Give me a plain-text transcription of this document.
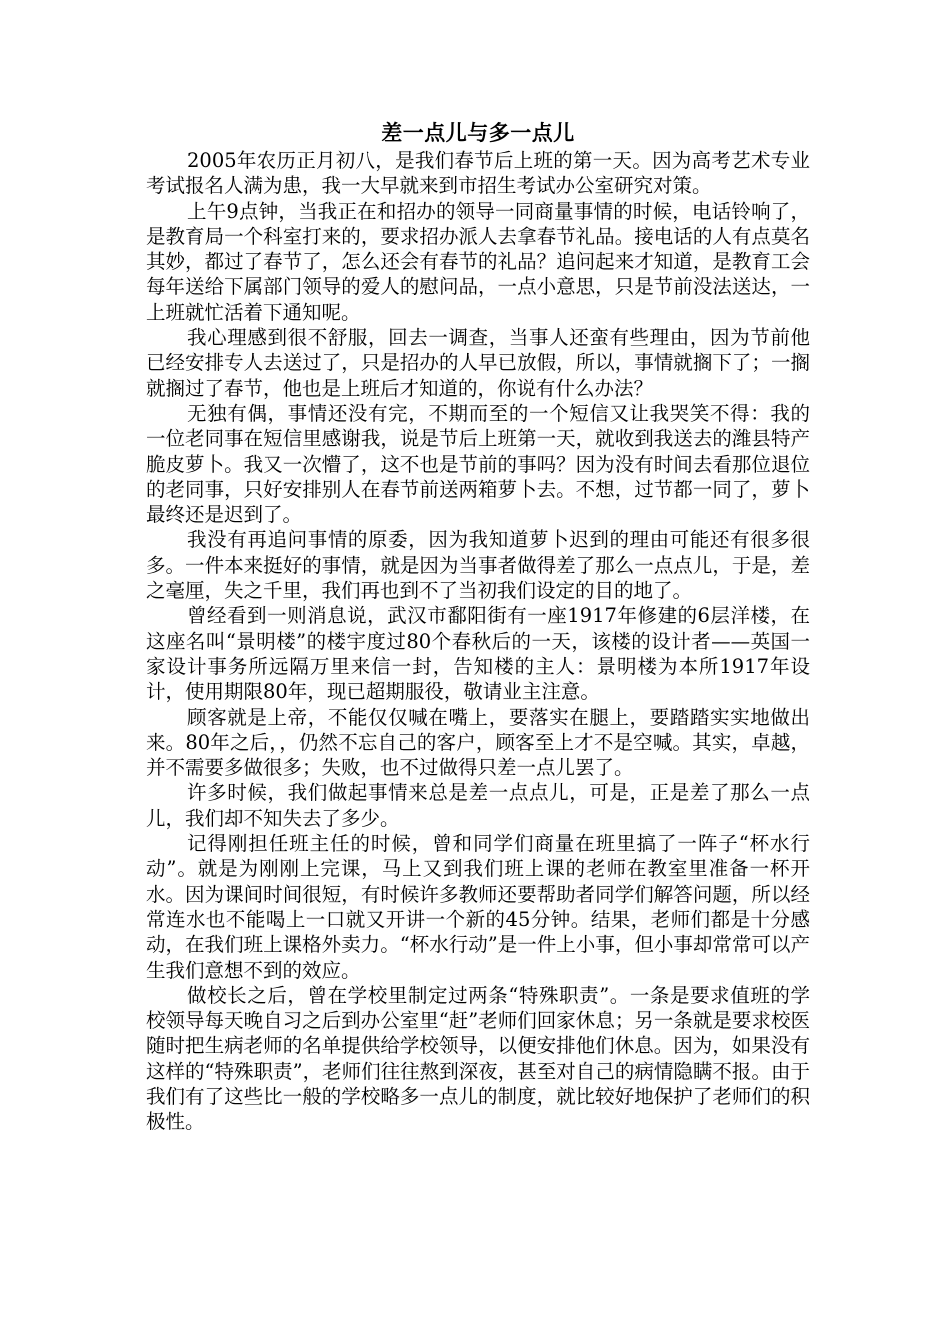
差一点儿与多一点儿

2005年农历正月初八，是我们春节后上班的第一天。因为高考艺术专业考试报名人满为患，我一大早就来到市招生考试办公室研究对策。

上午9点钟，当我正在和招办的领导一同商量事情的时候，电话铃响了，是教育局一个科室打来的，要求招办派人去拿春节礼品。接电话的人有点莫名其妙，都过了春节了，怎么还会有春节的礼品？追问起来才知道，是教育工会每年送给下属部门领导的爱人的慰问品，一点小意思，只是节前没法送达，一上班就忙活着下通知呢。

我心理感到很不舒服，回去一调查，当事人还蛮有些理由，因为节前他已经安排专人去送过了，只是招办的人早已放假，所以，事情就搁下了；一搁就搁过了春节，他也是上班后才知道的，你说有什么办法？

无独有偶，事情还没有完，不期而至的一个短信又让我哭笑不得：我的一位老同事在短信里感谢我，说是节后上班第一天，就收到我送去的潍县特产脆皮萝卜。我又一次懵了，这不也是节前的事吗？因为没有时间去看那位退位的老同事，只好安排别人在春节前送两箱萝卜去。不想，过节都一同了，萝卜最终还是迟到了。

我没有再追问事情的原委，因为我知道萝卜迟到的理由可能还有很多很多。一件本来挺好的事情，就是因为当事者做得差了那么一点点儿，于是，差之毫厘，失之千里，我们再也到不了当初我们设定的目的地了。

曾经看到一则消息说，武汉市鄱阳街有一座1917年修建的6层洋楼，在这座名叫“景明楼”的楼宇度过80个春秋后的一天，该楼的设计者——英国一家设计事务所远隔万里来信一封，告知楼的主人：景明楼为本所1917年设计，使用期限80年，现已超期服役，敬请业主注意。

顾客就是上帝，不能仅仅喊在嘴上，要落实在腿上，要踏踏实实地做出来。80年之后，，仍然不忘自己的客户，顾客至上才不是空喊。其实，卓越，并不需要多做很多；失败，也不过做得只差一点儿罢了。

许多时候，我们做起事情来总是差一点点儿，可是，正是差了那么一点儿，我们却不知失去了多少。

记得刚担任班主任的时候，曾和同学们商量在班里搞了一阵子“杯水行动”。就是为刚刚上完课，马上又到我们班上课的老师在教室里准备一杯开水。因为课间时间很短，有时候许多教师还要帮助者同学们解答问题，所以经常连水也不能喝上一口就又开讲一个新的45分钟。结果，老师们都是十分感动，在我们班上课格外卖力。“杯水行动”是一件上小事，但小事却常常可以产生我们意想不到的效应。

做校长之后，曾在学校里制定过两条“特殊职责”。一条是要求值班的学校领导每天晚自习之后到办公室里“赶”老师们回家休息；另一条就是要求校医随时把生病老师的名单提供给学校领导，以便安排他们休息。因为，如果没有这样的“特殊职责”，老师们往往熬到深夜，甚至对自己的病情隐瞒不报。由于我们有了这些比一般的学校略多一点儿的制度，就比较好地保护了老师们的积极性。
